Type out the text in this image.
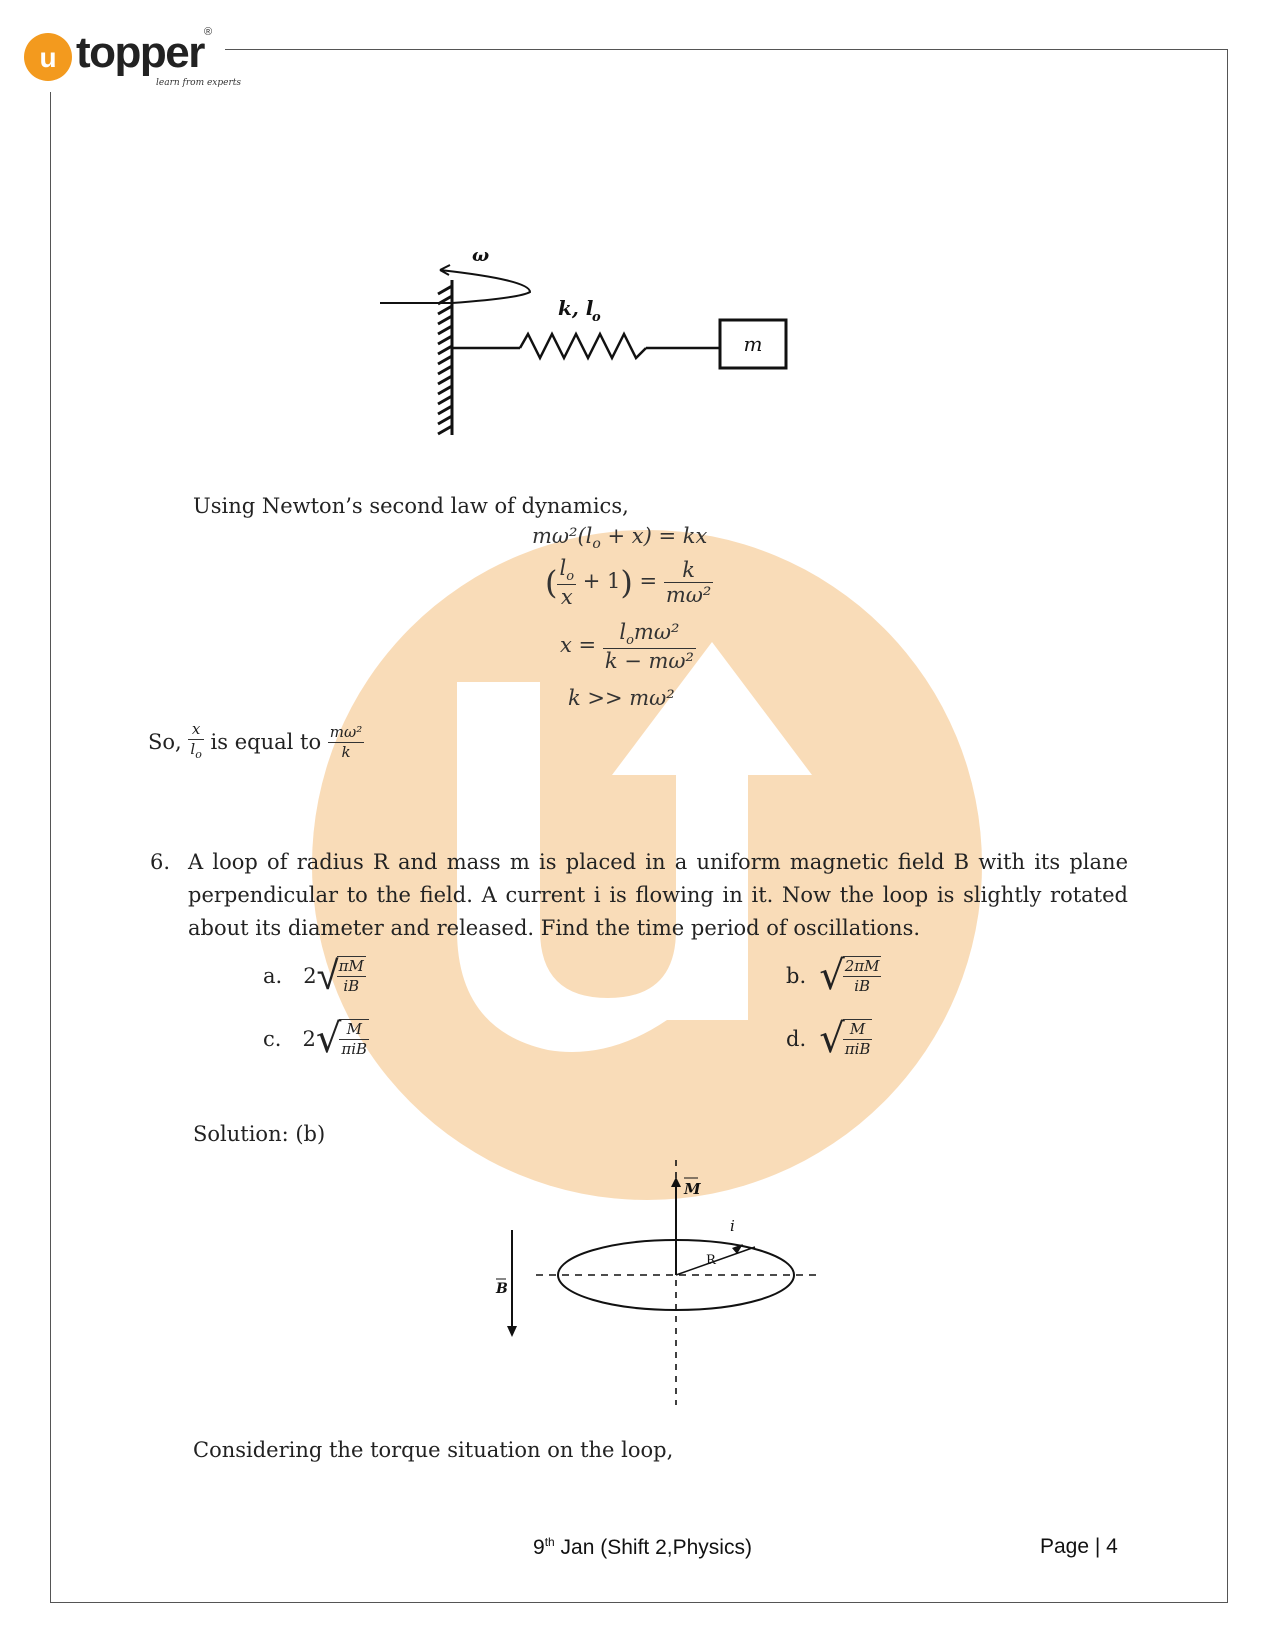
u topper ®
learn from experts
ω
m
k, l
o
Using Newton’s second law of dynamics,
$m\omega^2(l_o + x)$ = kx
( $\frac{l_o}{x} + 1) = \frac{k}{\text{mω²}}$
$x = \frac{l_om\omega^2}{\text{k − mω²}}$
k >> mω²
So, $\frac{x}{l_o}$ is equal to $\frac{\text{mω²}}{k}$
6. A loop of radius R and mass m is placed in a uniform magnetic field B with its plane perpendicular to the field. A current i is flowing in it. Now the loop is slightly rotated about its diameter and released. Find the time period of oscillations.
a. 2√
$\frac{\pi M}{iB}$	b. √
$\frac{2\pi M}{iB}$
c. 2√
$\frac{M}{\text{πiB}}$	d. √
$\frac{M}{\text{πiB}}$
Solution: (b)
M
R
i
B
Considering the torque situation on the loop,
9th Jan (Shift 2,Physics)	Page | 4
